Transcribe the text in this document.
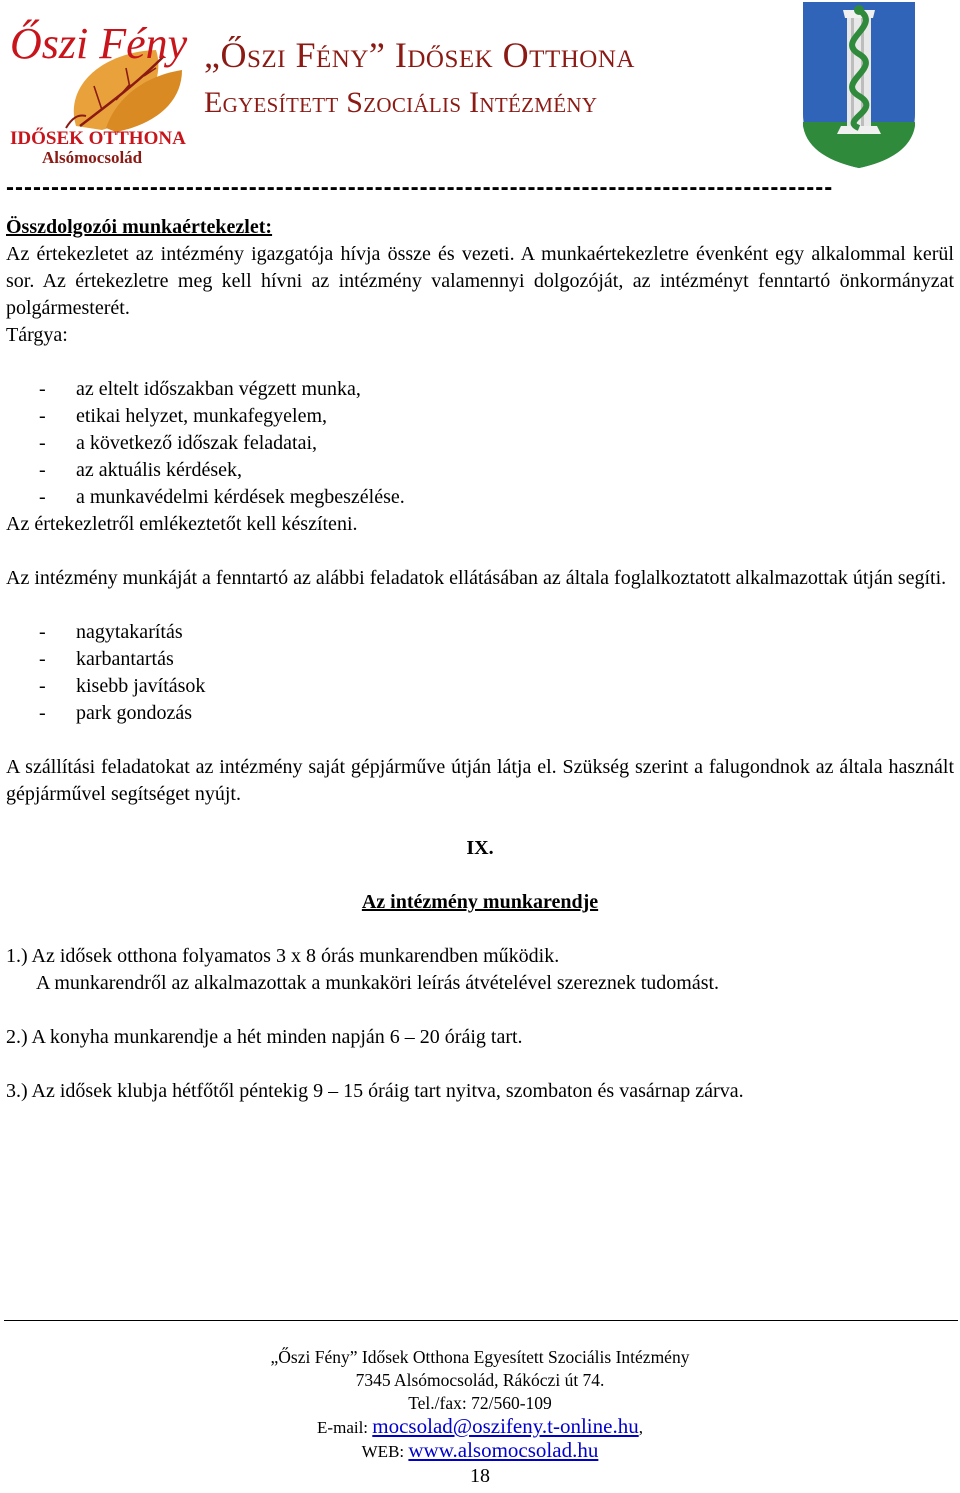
Őszi Fény
IDŐSEK OTTHONA
Alsómocsolád
„Őszi Fény” Idősek Otthona
Egyesített Szociális Intézmény
--------------------------------------------------------------------------------------------

Összdolgozói munkaértekezlet:

Az értekezletet az intézmény igazgatója hívja össze és vezeti. A munkaértekezletre évenként egy alkalommal kerül sor. Az értekezletre meg kell hívni az intézmény valamennyi dolgozóját, az intézményt fenntartó önkormányzat polgármesterét.

Tárgya:

- az eltelt időszakban végzett munka,
- etikai helyzet, munkafegyelem,
- a következő időszak feladatai,
- az aktuális kérdések,
- a munkavédelmi kérdések megbeszélése.

Az értekezletről emlékeztetőt kell készíteni.

Az intézmény munkáját a fenntartó az alábbi feladatok ellátásában az általa foglalkoztatott alkalmazottak útján segíti.

- nagytakarítás
- karbantartás
- kisebb javítások
- park gondozás

A szállítási feladatokat az intézmény saját gépjárműve útján látja el. Szükség szerint a falugondnok az általa használt gépjárművel segítséget nyújt.

IX.

Az intézmény munkarendje

1.) Az idősek otthona folyamatos 3 x 8 órás munkarendben működik.

A munkarendről az alkalmazottak a munkaköri leírás átvételével szereznek tudomást.

2.) A konyha munkarendje a hét minden napján 6 – 20 óráig tart.

3.) Az idősek klubja hétfőtől péntekig 9 – 15 óráig tart nyitva, szombaton és vasárnap zárva.

„Őszi Fény” Idősek Otthona Egyesített Szociális Intézmény
7345 Alsómocsolád, Rákóczi út 74.
Tel./fax: 72/560-109
E-mail: mocsolad@oszifeny.t-online.hu,
WEB: www.alsomocsolad.hu
18
